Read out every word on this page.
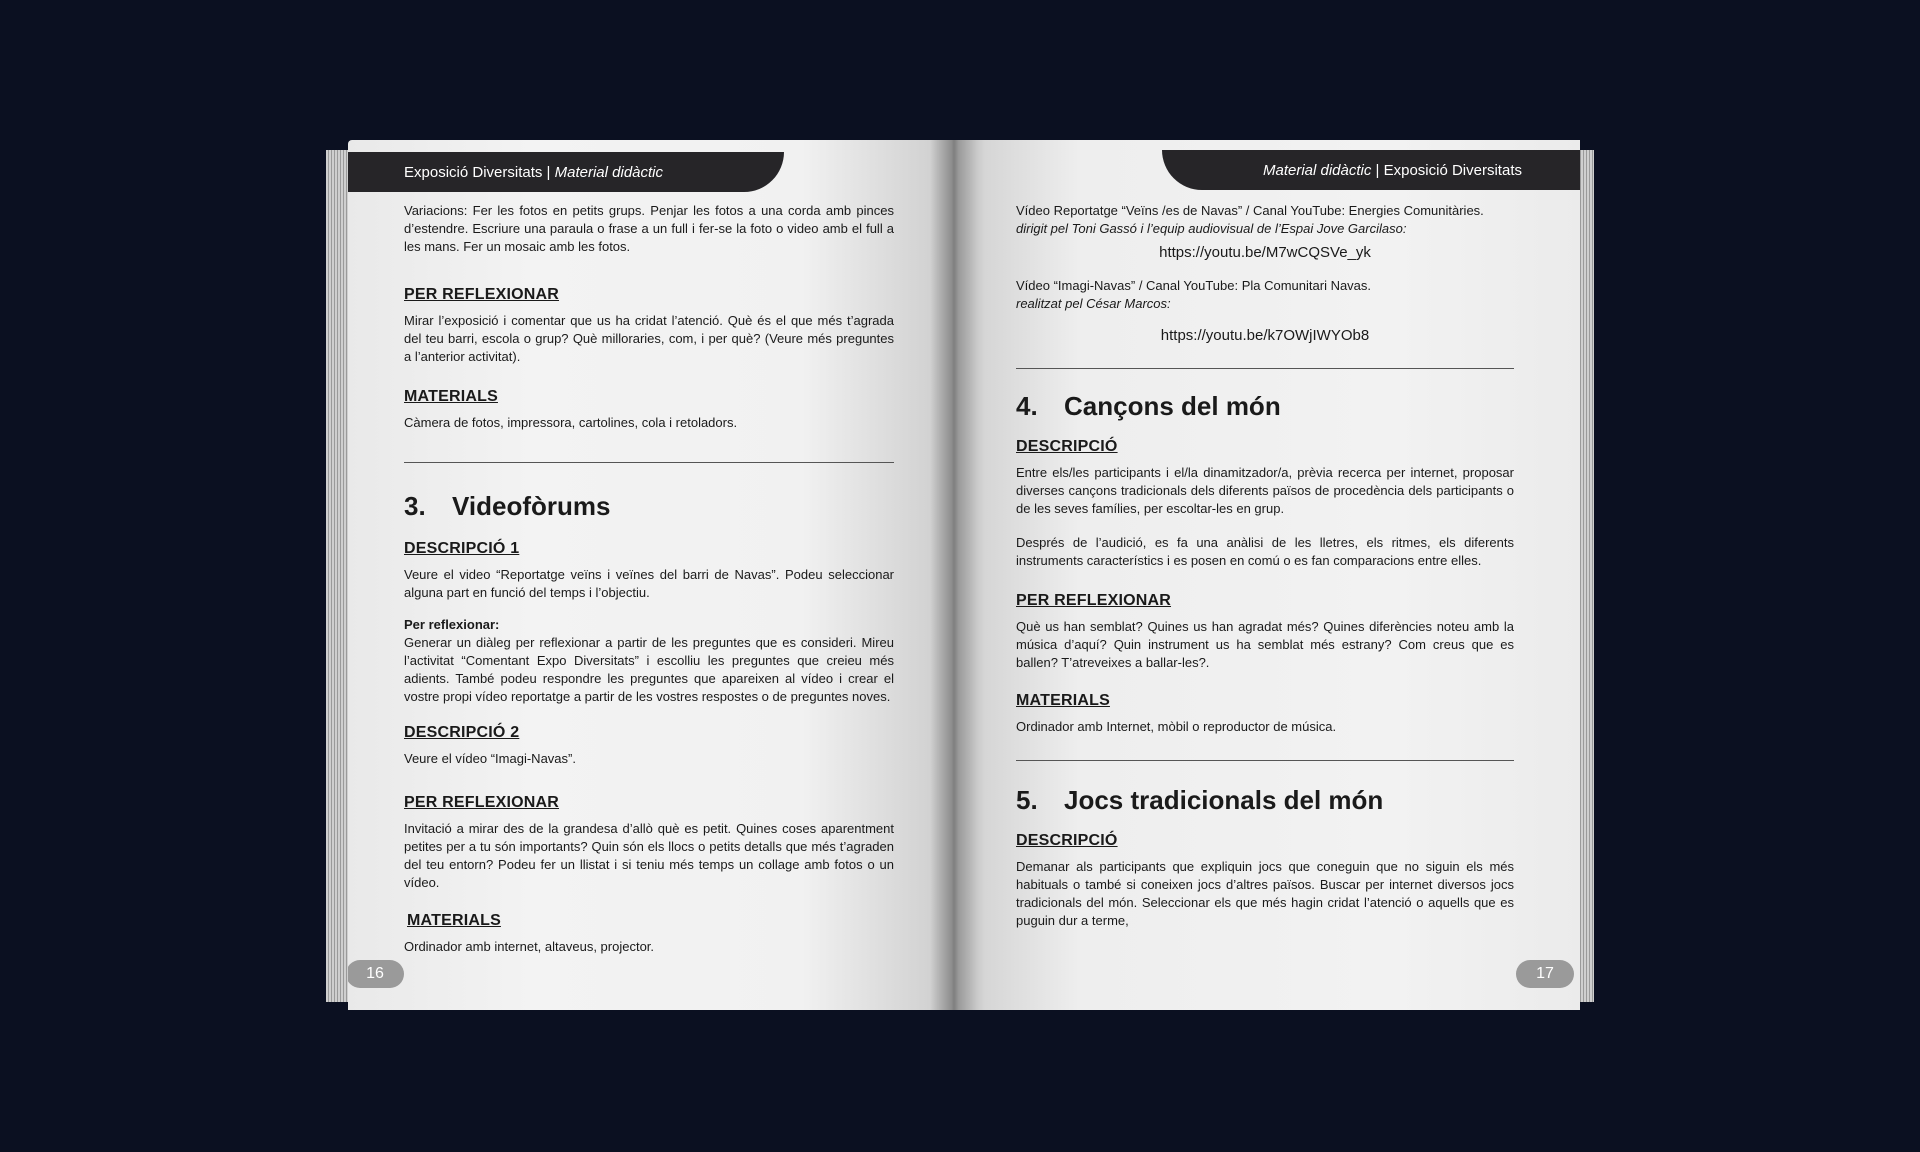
Exposició Diversitats | Material didàctic

Variacions: Fer les fotos en petits grups. Penjar les fotos a una corda amb pinces d’estendre. Escriure una paraula o frase a un full i fer-se la foto o video amb el full a les mans. Fer un mosaic amb les fotos.

PER REFLEXIONAR

Mirar l’exposició i comentar que us ha cridat l’atenció. Què és el que més t’agrada del teu barri, escola o grup? Què milloraries, com, i per què? (Veure més preguntes a l’anterior activitat).

MATERIALS

Càmera de fotos, impressora, cartolines, cola i retoladors.

3. Videofòrums
DESCRIPCIÓ 1

Veure el video “Reportatge veïns i veïnes del barri de Navas”. Podeu seleccionar alguna part en funció del temps i l’objectiu.

Per reflexionar:

Generar un diàleg per reflexionar a partir de les preguntes que es consideri. Mireu l’activitat “Comentant Expo Diversitats” i escolliu les preguntes que creieu més adients. També podeu respondre les preguntes que apareixen al vídeo i crear el vostre propi vídeo reportatge a partir de les vostres respostes o de preguntes noves.

DESCRIPCIÓ 2

Veure el vídeo “Imagi-Navas”.

PER REFLEXIONAR

Invitació a mirar des de la grandesa d’allò què es petit. Quines coses aparentment petites per a tu són importants? Quin són els llocs o petits detalls que més t’agraden del teu entorn? Podeu fer un llistat i si teniu més temps un collage amb fotos o un vídeo.

MATERIALS

Ordinador amb internet, altaveus, projector.

16
Material didàctic | Exposició Diversitats

Vídeo Reportatge “Veïns /es de Navas” / Canal YouTube: Energies Comunitàries.

dirigit pel Toni Gassó i l’equip audiovisual de l’Espai Jove Garcilaso:

https://youtu.be/M7wCQSVe_yk

Vídeo “Imagi-Navas” / Canal YouTube: Pla Comunitari Navas.

realitzat pel César Marcos:

https://youtu.be/k7OWjIWYOb8
4. Cançons del món
DESCRIPCIÓ

Entre els/les participants i el/la dinamitzador/a, prèvia recerca per internet, proposar diverses cançons tradicionals dels diferents països de procedència dels participants o de les seves famílies, per escoltar-les en grup.

Després de l’audició, es fa una anàlisi de les lletres, els ritmes, els diferents instruments característics i es posen en comú o es fan comparacions entre elles.

PER REFLEXIONAR

Què us han semblat? Quines us han agradat més? Quines diferències noteu amb la música d’aquí? Quin instrument us ha semblat més estrany? Com creus que es ballen? T’atreveixes a ballar-les?.

MATERIALS

Ordinador amb Internet, mòbil o reproductor de música.

5. Jocs tradicionals del món
DESCRIPCIÓ

Demanar als participants que expliquin jocs que coneguin que no siguin els més habituals o també si coneixen jocs d’altres països. Buscar per internet diversos jocs tradicionals del món. Seleccionar els que més hagin cridat l’atenció o aquells que es puguin dur a terme,

17
